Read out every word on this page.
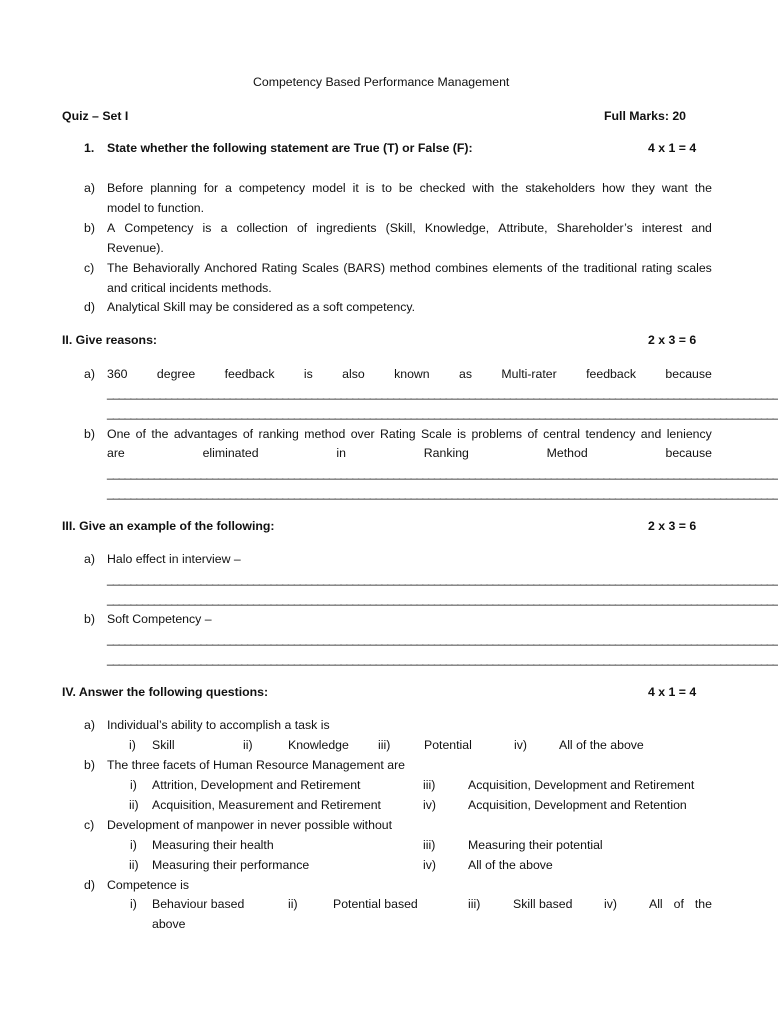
Competency Based Performance Management
Quiz – Set I	Full Marks: 20
1. State whether the following statement are True (T) or False (F):	4 x 1 = 4
a) Before planning for a competency model it is to be checked with the stakeholders how they want the
model to function.
b) A Competency is a collection of ingredients (Skill, Knowledge, Attribute, Shareholder’s interest and
Revenue).
c) The Behaviorally Anchored Rating Scales (BARS) method combines elements of the traditional rating scales
and critical incidents methods.
d) Analytical Skill may be considered as a soft competency.
II. Give reasons:	2 x 3 = 6
a) 360 degree feedback is also known as Multi-rater feedback because
___________________________________________________________________________________________________________________
___________________________________________________________________________________________________________________
b) One of the advantages of ranking method over Rating Scale is problems of central tendency and leniency
are	eliminated	in	Ranking	Method	because
___________________________________________________________________________________________________________________
___________________________________________________________________________________________________________________
III. Give an example of the following:	2 x 3 = 6
a) Halo effect in interview –
___________________________________________________________________________________________________________________
___________________________________________________________________________________________________________________
b) Soft Competency –
___________________________________________________________________________________________________________________
___________________________________________________________________________________________________________________
IV. Answer the following questions:	4 x 1 = 4
a) Individual’s ability to accomplish a task is
i) Skill	ii)	Knowledge iii)	Potential	iv)	All of the above
b) The three facets of Human Resource Management are
i) Attrition, Development and Retirement
ii) Acquisition, Measurement and Retirement
iii)	Acquisition, Development and Retirement
iv)	Acquisition, Development and Retention
c) Development of manpower in never possible without
i) Measuring their health
ii) Measuring their performance
iii)	Measuring their potential
iv)	All of the above
d) Competence is
i) Behaviour based	ii)	Potential based	iii)	Skill based	iv)	All of the
above
